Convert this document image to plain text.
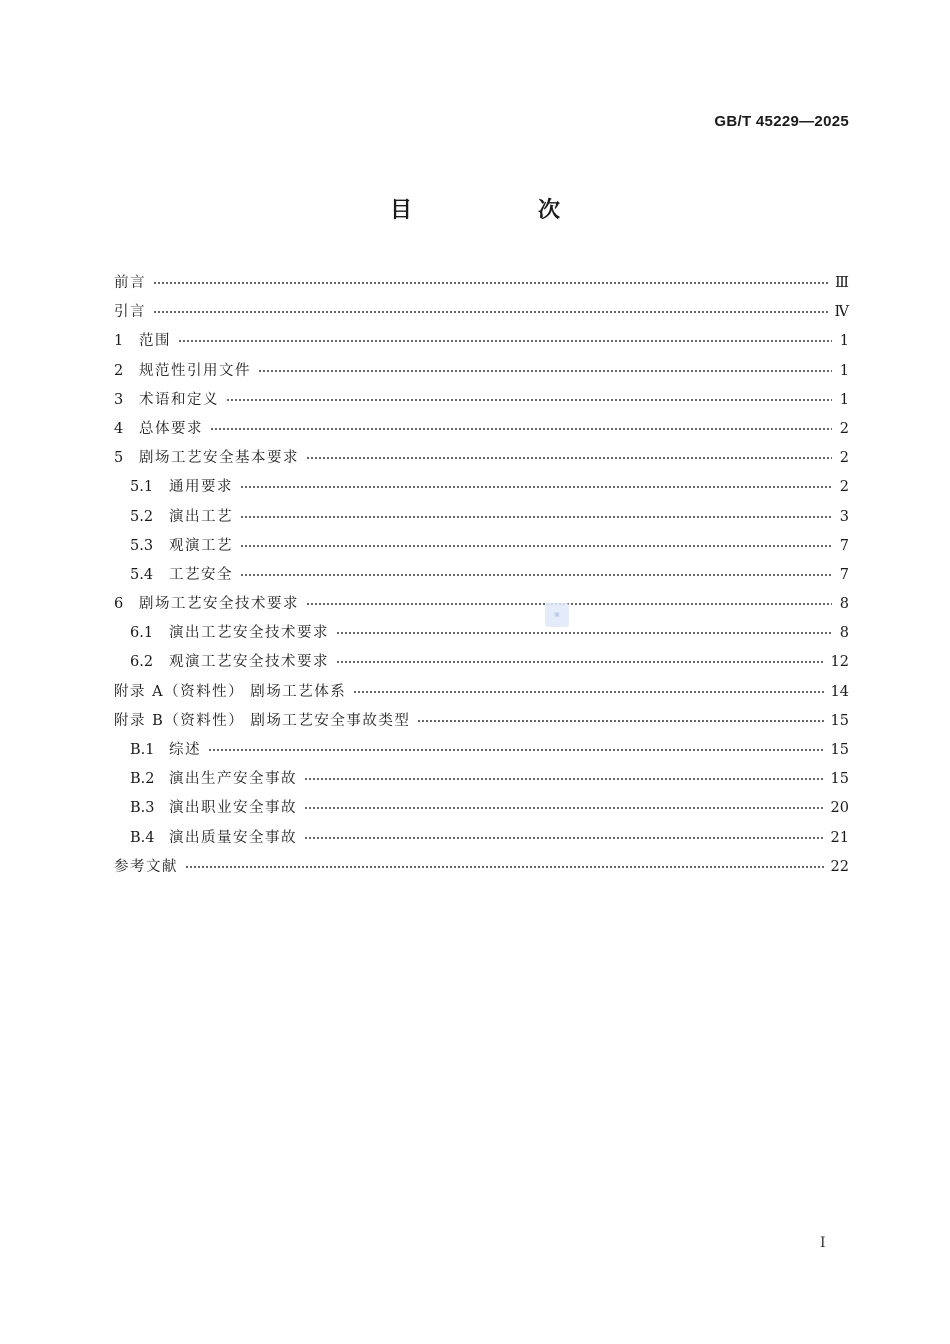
GB/T 45229—2025
目　次
前言	Ⅲ
引言	Ⅳ
1	范围	1
2	规范性引用文件	1
3	术语和定义	1
4	总体要求	2
5	剧场工艺安全基本要求	2
5.1	通用要求	2
5.2	演出工艺	3
5.3	观演工艺	7
5.4	工艺安全	7
6	剧场工艺安全技术要求	8
6.1	演出工艺安全技术要求	8
6.2	观演工艺安全技术要求	12
附录 A（资料性） 剧场工艺体系	14
附录 B（资料性） 剧场工艺安全事故类型	15
B.1	综述	15
B.2	演出生产安全事故	15
B.3	演出职业安全事故	20
B.4	演出质量安全事故	21
参考文献	22
▣
I
